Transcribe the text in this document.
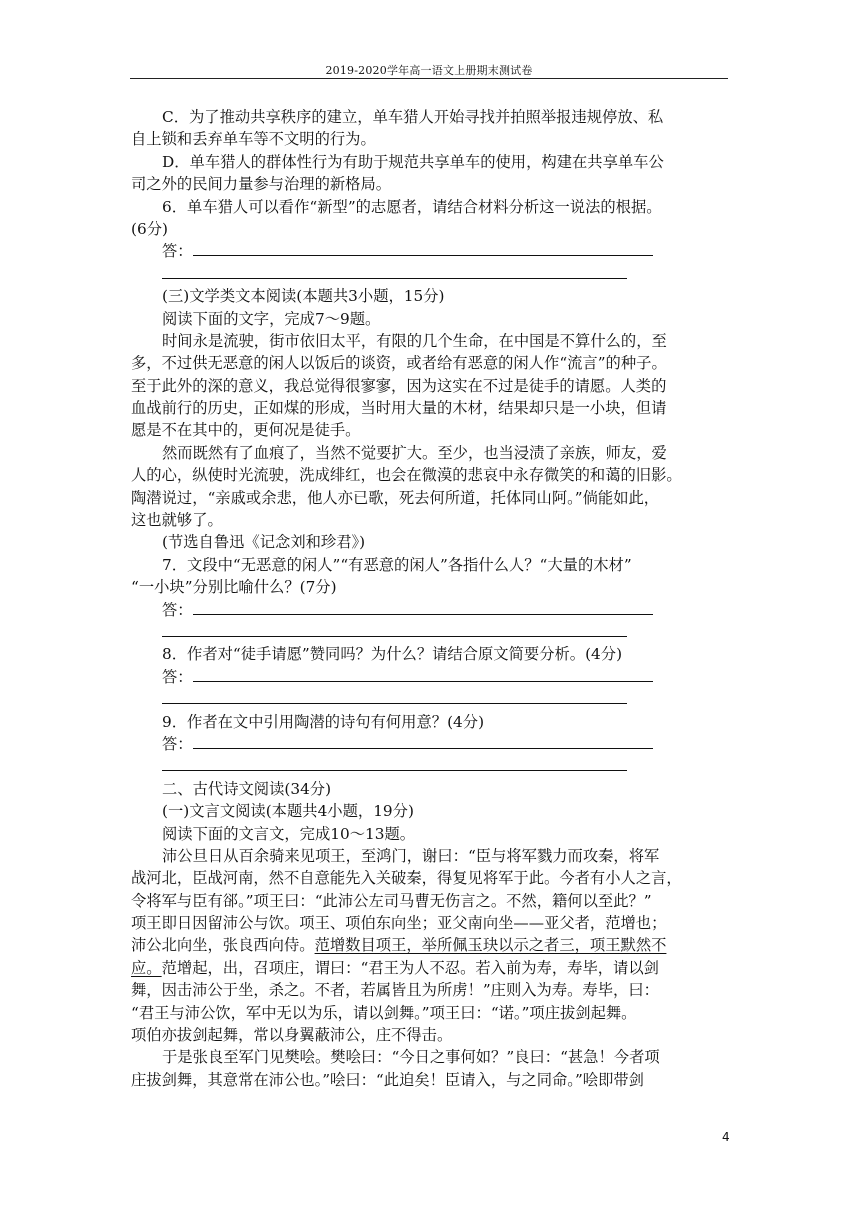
2019-2020学年高一语文上册期末测试卷
C．为了推动共享秩序的建立，单车猎人开始寻找并拍照举报违规停放、私
自上锁和丢弃单车等不文明的行为。
D．单车猎人的群体性行为有助于规范共享单车的使用，构建在共享单车公
司之外的民间力量参与治理的新格局。
6．单车猎人可以看作“新型”的志愿者，请结合材料分析这一说法的根据。
(6分)
答：
(三)文学类文本阅读(本题共3小题，15分)
阅读下面的文字，完成7～9题。
时间永是流驶，街市依旧太平，有限的几个生命，在中国是不算什么的，至
多，不过供无恶意的闲人以饭后的谈资，或者给有恶意的闲人作“流言”的种子。
至于此外的深的意义，我总觉得很寥寥，因为这实在不过是徒手的请愿。人类的
血战前行的历史，正如煤的形成，当时用大量的木材，结果却只是一小块，但请
愿是不在其中的，更何况是徒手。
然而既然有了血痕了，当然不觉要扩大。至少，也当浸渍了亲族，师友，爱
人的心，纵使时光流驶，洗成绯红，也会在微漠的悲哀中永存微笑的和蔼的旧影。
陶潜说过，“亲戚或余悲，他人亦已歌，死去何所道，托体同山阿。”倘能如此，
这也就够了。
(节选自鲁迅《记念刘和珍君》)
7．文段中“无恶意的闲人”“有恶意的闲人”各指什么人？“大量的木材”
“一小块”分别比喻什么？(7分)
答：
8．作者对“徒手请愿”赞同吗？为什么？请结合原文简要分析。(4分)
答：
9．作者在文中引用陶潜的诗句有何用意？(4分)
答：
二、古代诗文阅读(34分)
(一)文言文阅读(本题共4小题，19分)
阅读下面的文言文，完成10～13题。
沛公旦日从百余骑来见项王，至鸿门，谢曰：“臣与将军戮力而攻秦，将军
战河北，臣战河南，然不自意能先入关破秦，得复见将军于此。今者有小人之言，
令将军与臣有郤。”项王曰：“此沛公左司马曹无伤言之。不然，籍何以至此？”
项王即日因留沛公与饮。项王、项伯东向坐；亚父南向坐——亚父者，范增也；
沛公北向坐，张良西向侍。范增数目项王，举所佩玉玦以示之者三，项王默然不
应。范增起，出，召项庄，谓曰：“君王为人不忍。若入前为寿，寿毕，请以剑
舞，因击沛公于坐，杀之。不者，若属皆且为所虏！”庄则入为寿。寿毕，曰：
“君王与沛公饮，军中无以为乐，请以剑舞。”项王曰：“诺。”项庄拔剑起舞。
项伯亦拔剑起舞，常以身翼蔽沛公，庄不得击。
于是张良至军门见樊哙。樊哙曰：“今日之事何如？”良曰：“甚急！今者项
庄拔剑舞，其意常在沛公也。”哙曰：“此迫矣！臣请入，与之同命。”哙即带剑
4
